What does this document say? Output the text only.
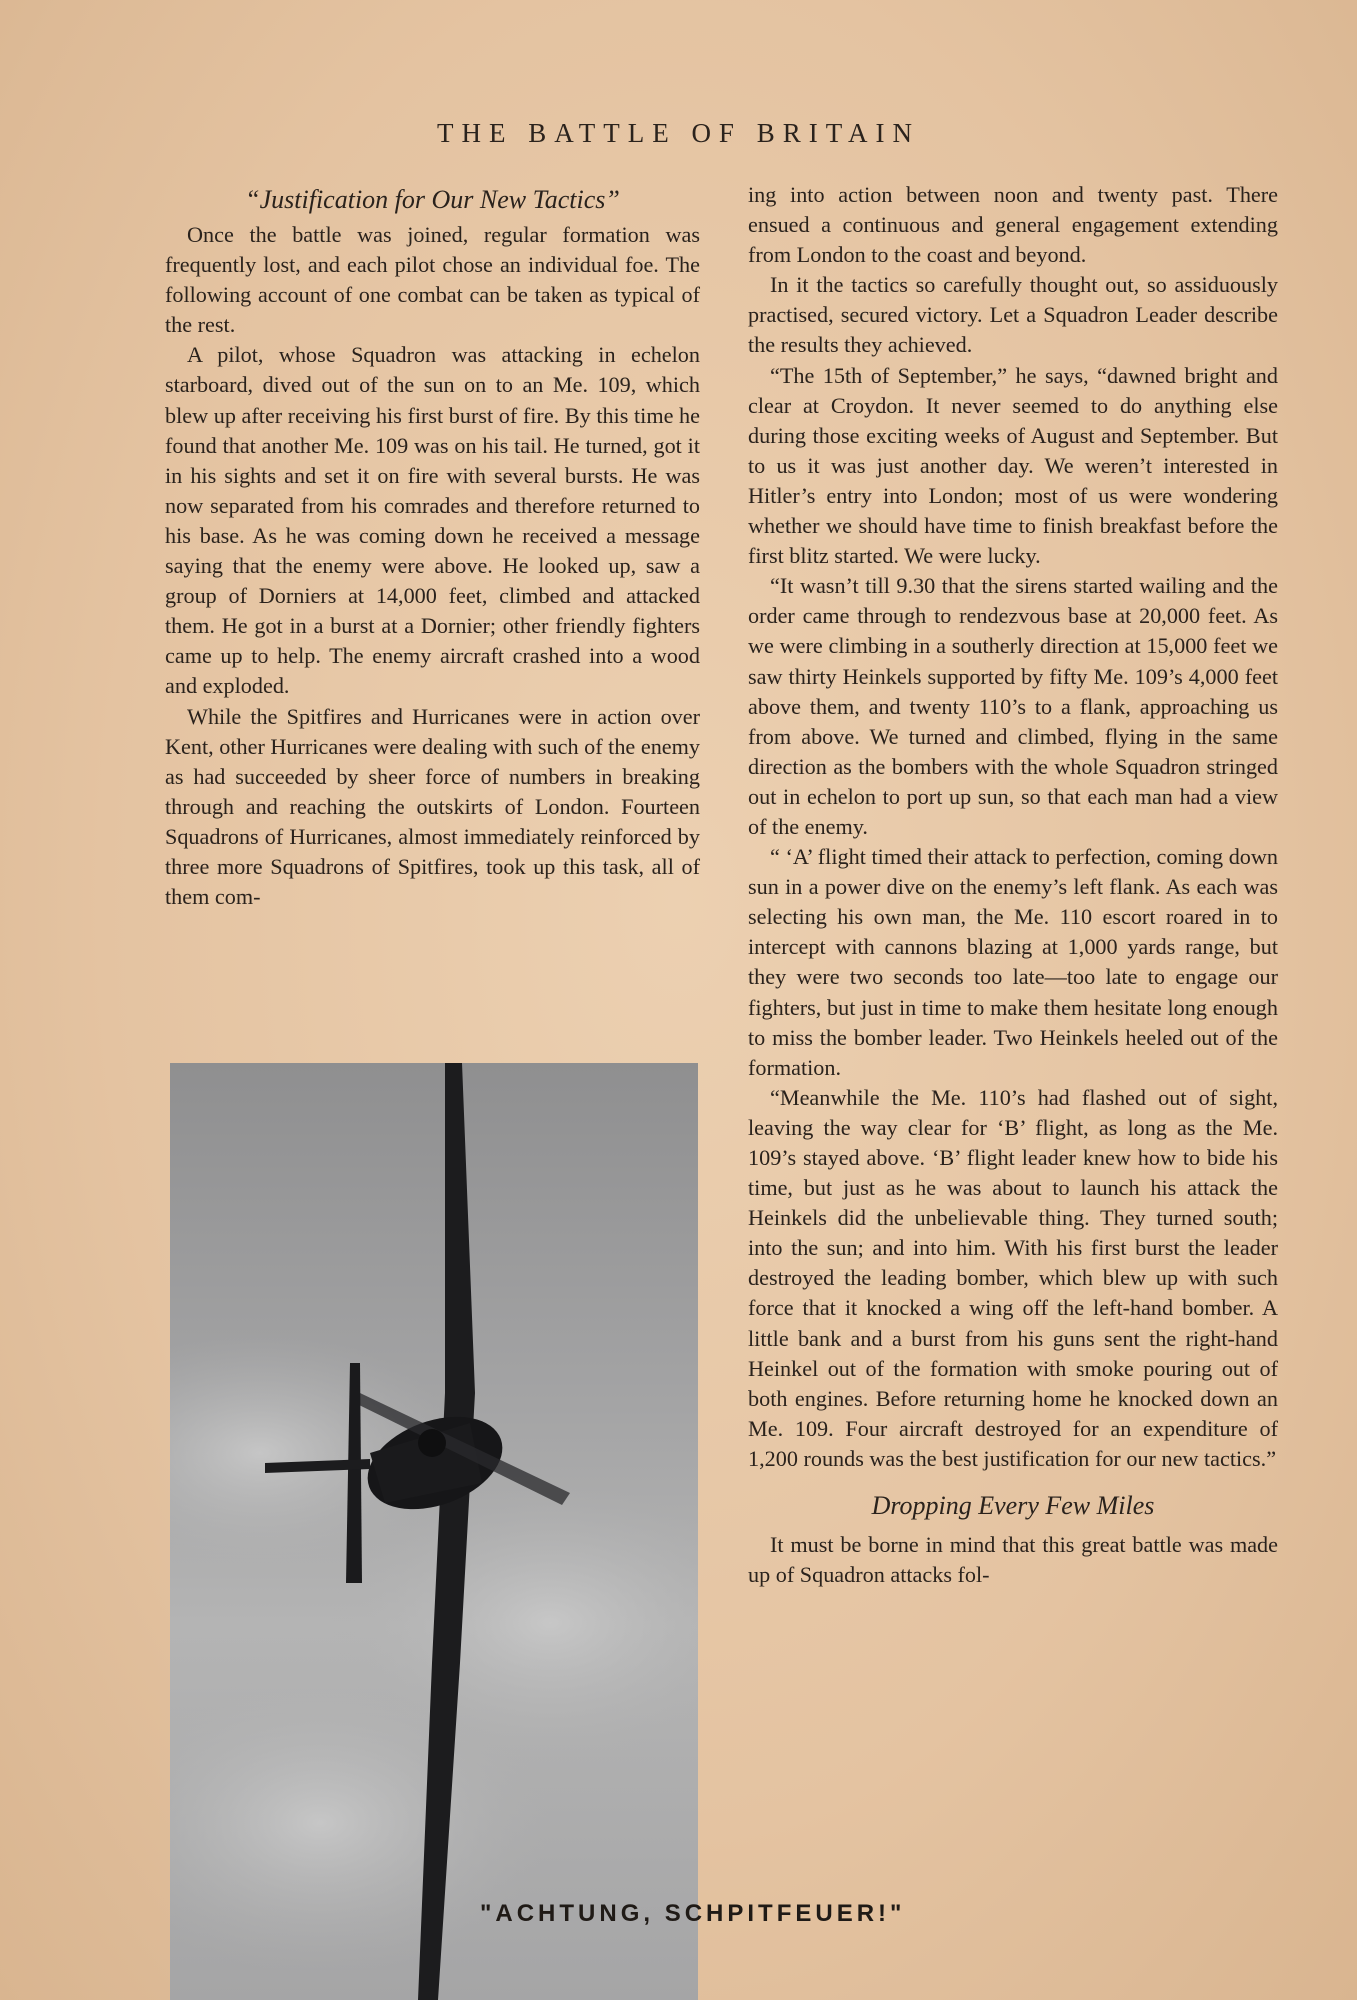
THE BATTLE OF BRITAIN
“Justification for Our New Tactics”

Once the battle was joined, regular formation was frequently lost, and each pilot chose an individual foe. The following account of one combat can be taken as typical of the rest.

A pilot, whose Squadron was attacking in echelon starboard, dived out of the sun on to an Me. 109, which blew up after receiving his first burst of fire. By this time he found that another Me. 109 was on his tail. He turned, got it in his sights and set it on fire with several bursts. He was now separated from his comrades and therefore returned to his base. As he was coming down he received a message saying that the enemy were above. He looked up, saw a group of Dorniers at 14,000 feet, climbed and attacked them. He got in a burst at a Dornier; other friendly fighters came up to help. The enemy aircraft crashed into a wood and exploded.

While the Spitfires and Hurricanes were in action over Kent, other Hurricanes were dealing with such of the enemy as had succeeded by sheer force of numbers in breaking through and reaching the outskirts of London. Fourteen Squadrons of Hurricanes, almost immediately reinforced by three more Squadrons of Spitfires, took up this task, all of them com-

ing into action between noon and twenty past. There ensued a continuous and general engagement extending from London to the coast and beyond.

In it the tactics so carefully thought out, so assiduously practised, secured victory. Let a Squadron Leader describe the results they achieved.

“The 15th of September,” he says, “dawned bright and clear at Croydon. It never seemed to do anything else during those exciting weeks of August and September. But to us it was just another day. We weren’t interested in Hitler’s entry into London; most of us were wondering whether we should have time to finish breakfast before the first blitz started. We were lucky.

“It wasn’t till 9.30 that the sirens started wailing and the order came through to rendezvous base at 20,000 feet. As we were climbing in a southerly direction at 15,000 feet we saw thirty Heinkels supported by fifty Me. 109’s 4,000 feet above them, and twenty 110’s to a flank, approaching us from above. We turned and climbed, flying in the same direction as the bombers with the whole Squadron stringed out in echelon to port up sun, so that each man had a view of the enemy.

“ ‘A’ flight timed their attack to perfection, coming down sun in a power dive on the enemy’s left flank. As each was selecting his own man, the Me. 110 escort roared in to intercept with cannons blazing at 1,000 yards range, but they were two seconds too late—too late to engage our fighters, but just in time to make them hesitate long enough to miss the bomber leader. Two Heinkels heeled out of the formation.

“Meanwhile the Me. 110’s had flashed out of sight, leaving the way clear for ‘B’ flight, as long as the Me. 109’s stayed above. ‘B’ flight leader knew how to bide his time, but just as he was about to launch his attack the Heinkels did the unbelievable thing. They turned south; into the sun; and into him. With his first burst the leader destroyed the leading bomber, which blew up with such force that it knocked a wing off the left-hand bomber. A little bank and a burst from his guns sent the right-hand Heinkel out of the formation with smoke pouring out of both engines. Before returning home he knocked down an Me. 109. Four aircraft destroyed for an expenditure of 1,200 rounds was the best justification for our new tactics.”

Dropping Every Few Miles

It must be borne in mind that this great battle was made up of Squadron attacks fol-

"ACHTUNG, SCHPITFEUER!"
